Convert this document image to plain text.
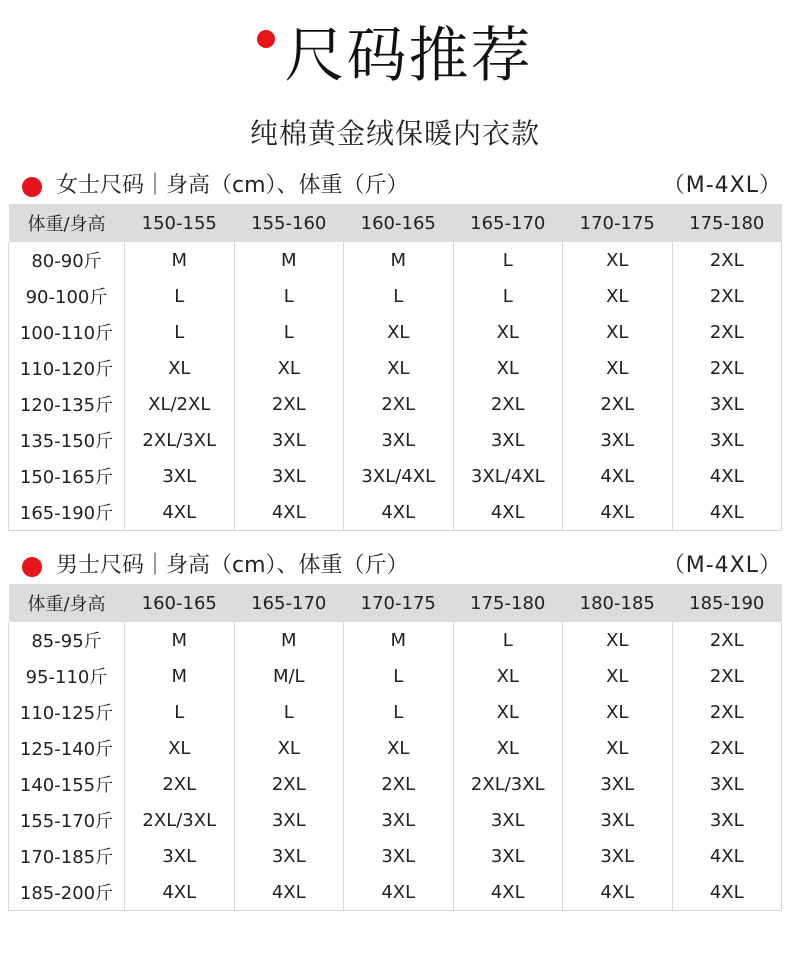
尺码推荐
纯棉黄金绒保暖内衣款
女士尺码｜身高（cm）、体重（斤）	（M-4XL）
体重/身高	150-155	155-160	160-165	165-170	170-175	175-180
80-90斤	M	M	M	L	XL	2XL
90-100斤	L	L	L	L	XL	2XL
100-110斤	L	L	XL	XL	XL	2XL
110-120斤	XL	XL	XL	XL	XL	2XL
120-135斤	XL/2XL	2XL	2XL	2XL	2XL	3XL
135-150斤	2XL/3XL	3XL	3XL	3XL	3XL	3XL
150-165斤	3XL	3XL	3XL/4XL	3XL/4XL	4XL	4XL
165-190斤	4XL	4XL	4XL	4XL	4XL	4XL
男士尺码｜身高（cm）、体重（斤）	（M-4XL）
体重/身高	160-165	165-170	170-175	175-180	180-185	185-190
85-95斤	M	M	M	L	XL	2XL
95-110斤	M	M/L	L	XL	XL	2XL
110-125斤	L	L	L	XL	XL	2XL
125-140斤	XL	XL	XL	XL	XL	2XL
140-155斤	2XL	2XL	2XL	2XL/3XL	3XL	3XL
155-170斤	2XL/3XL	3XL	3XL	3XL	3XL	3XL
170-185斤	3XL	3XL	3XL	3XL	3XL	4XL
185-200斤	4XL	4XL	4XL	4XL	4XL	4XL
